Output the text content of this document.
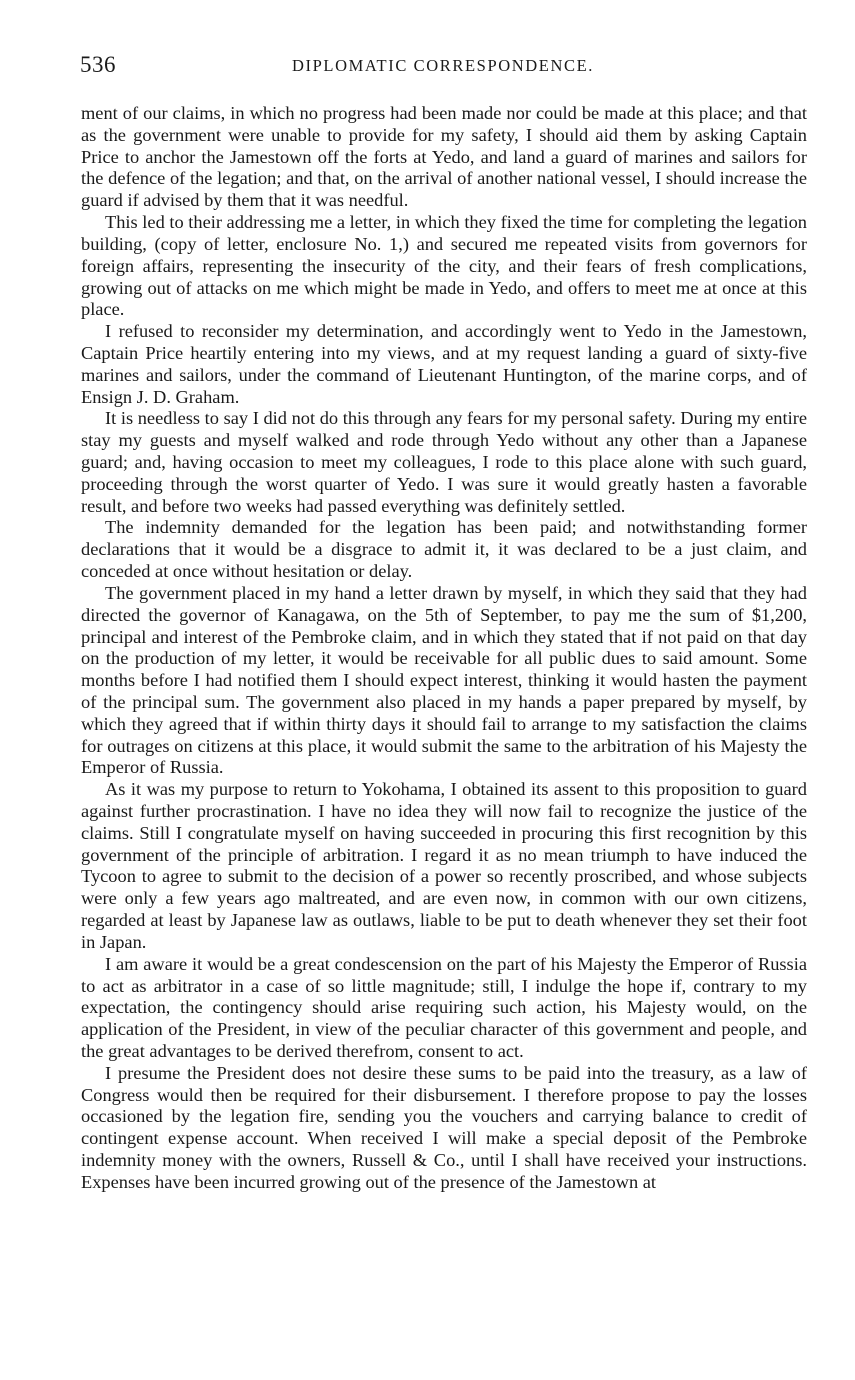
536	DIPLOMATIC CORRESPONDENCE.

ment of our claims, in which no progress had been made nor could be made at this place; and that as the government were unable to provide for my safety, I should aid them by asking Captain Price to anchor the Jamestown off the forts at Yedo, and land a guard of marines and sailors for the defence of the legation; and that, on the arrival of another national vessel, I should increase the guard if advised by them that it was needful.

This led to their addressing me a letter, in which they fixed the time for completing the legation building, (copy of letter, enclosure No. 1,) and secured me repeated visits from governors for foreign affairs, representing the insecurity of the city, and their fears of fresh complications, growing out of attacks on me which might be made in Yedo, and offers to meet me at once at this place.

I refused to reconsider my determination, and accordingly went to Yedo in the Jamestown, Captain Price heartily entering into my views, and at my request landing a guard of sixty-five marines and sailors, under the command of Lieutenant Huntington, of the marine corps, and of Ensign J. D. Graham.

It is needless to say I did not do this through any fears for my personal safety. During my entire stay my guests and myself walked and rode through Yedo without any other than a Japanese guard; and, having occasion to meet my colleagues, I rode to this place alone with such guard, proceeding through the worst quarter of Yedo. I was sure it would greatly hasten a favorable result, and before two weeks had passed everything was definitely settled.

The indemnity demanded for the legation has been paid; and notwithstanding former declarations that it would be a disgrace to admit it, it was declared to be a just claim, and conceded at once without hesitation or delay.

The government placed in my hand a letter drawn by myself, in which they said that they had directed the governor of Kanagawa, on the 5th of September, to pay me the sum of $1,200, principal and interest of the Pembroke claim, and in which they stated that if not paid on that day on the production of my letter, it would be receivable for all public dues to said amount. Some months before I had notified them I should expect interest, thinking it would hasten the payment of the principal sum. The government also placed in my hands a paper prepared by myself, by which they agreed that if within thirty days it should fail to arrange to my satisfaction the claims for outrages on citizens at this place, it would submit the same to the arbitration of his Majesty the Emperor of Russia.

As it was my purpose to return to Yokohama, I obtained its assent to this proposition to guard against further procrastination. I have no idea they will now fail to recognize the justice of the claims. Still I congratulate myself on having succeeded in procuring this first recognition by this government of the principle of arbitration. I regard it as no mean triumph to have induced the Tycoon to agree to submit to the decision of a power so recently proscribed, and whose subjects were only a few years ago maltreated, and are even now, in common with our own citizens, regarded at least by Japanese law as outlaws, liable to be put to death whenever they set their foot in Japan.

I am aware it would be a great condescension on the part of his Majesty the Emperor of Russia to act as arbitrator in a case of so little magnitude; still, I indulge the hope if, contrary to my expectation, the contingency should arise requiring such action, his Majesty would, on the application of the President, in view of the peculiar character of this government and people, and the great advantages to be derived therefrom, consent to act.

I presume the President does not desire these sums to be paid into the treasury, as a law of Congress would then be required for their disbursement. I therefore propose to pay the losses occasioned by the legation fire, sending you the vouchers and carrying balance to credit of contingent expense account. When received I will make a special deposit of the Pembroke indemnity money with the owners, Russell & Co., until I shall have received your instructions. Expenses have been incurred growing out of the presence of the Jamestown at
